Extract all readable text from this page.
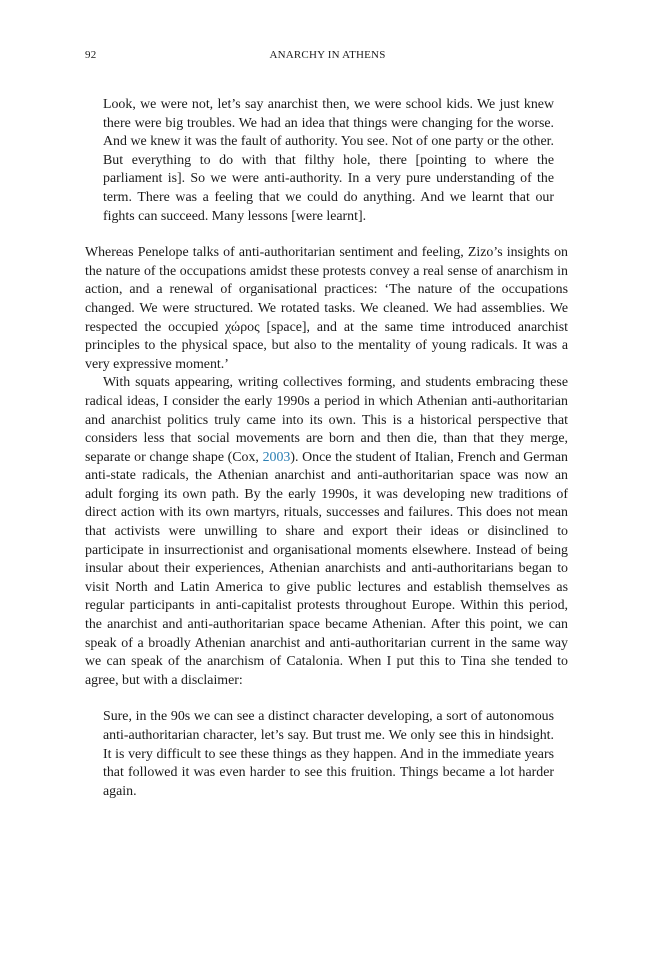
92	ANARCHY IN ATHENS

Look, we were not, let’s say anarchist then, we were school kids. We just knew there were big troubles. We had an idea that things were changing for the worse. And we knew it was the fault of authority. You see. Not of one party or the other. But everything to do with that filthy hole, there [pointing to where the parliament is]. So we were anti-authority. In a very pure understanding of the term. There was a feeling that we could do anything. And we learnt that our fights can succeed. Many lessons [were learnt].

Whereas Penelope talks of anti-authoritarian sentiment and feeling, Zizo’s insights on the nature of the occupations amidst these protests convey a real sense of anarchism in action, and a renewal of organisational practices: ‘The nature of the occupations changed. We were structured. We rotated tasks. We cleaned. We had assemblies. We respected the occupied χώρος [space], and at the same time introduced anarchist principles to the physical space, but also to the mentality of young radicals. It was a very expressive moment.’

With squats appearing, writing collectives forming, and students embracing these radical ideas, I consider the early 1990s a period in which Athenian anti-authoritarian and anarchist politics truly came into its own. This is a historical perspective that considers less that social movements are born and then die, than that they merge, separate or change shape (Cox, 2003). Once the student of Italian, French and German anti-state radicals, the Athenian anarchist and anti-authoritarian space was now an adult forging its own path. By the early 1990s, it was developing new traditions of direct action with its own martyrs, rituals, successes and failures. This does not mean that activists were unwilling to share and export their ideas or disinclined to participate in insurrectionist and organisational moments elsewhere. Instead of being insular about their experiences, Athenian anarchists and anti-authoritarians began to visit North and Latin America to give public lectures and establish themselves as regular participants in anti-capitalist protests throughout Europe. Within this period, the anarchist and anti-authoritarian space became Athenian. After this point, we can speak of a broadly Athenian anarchist and anti-authoritarian current in the same way we can speak of the anarchism of Catalonia. When I put this to Tina she tended to agree, but with a disclaimer:

Sure, in the 90s we can see a distinct character developing, a sort of autonomous anti-authoritarian character, let’s say. But trust me. We only see this in hindsight. It is very difficult to see these things as they happen. And in the immediate years that followed it was even harder to see this fruition. Things became a lot harder again.
